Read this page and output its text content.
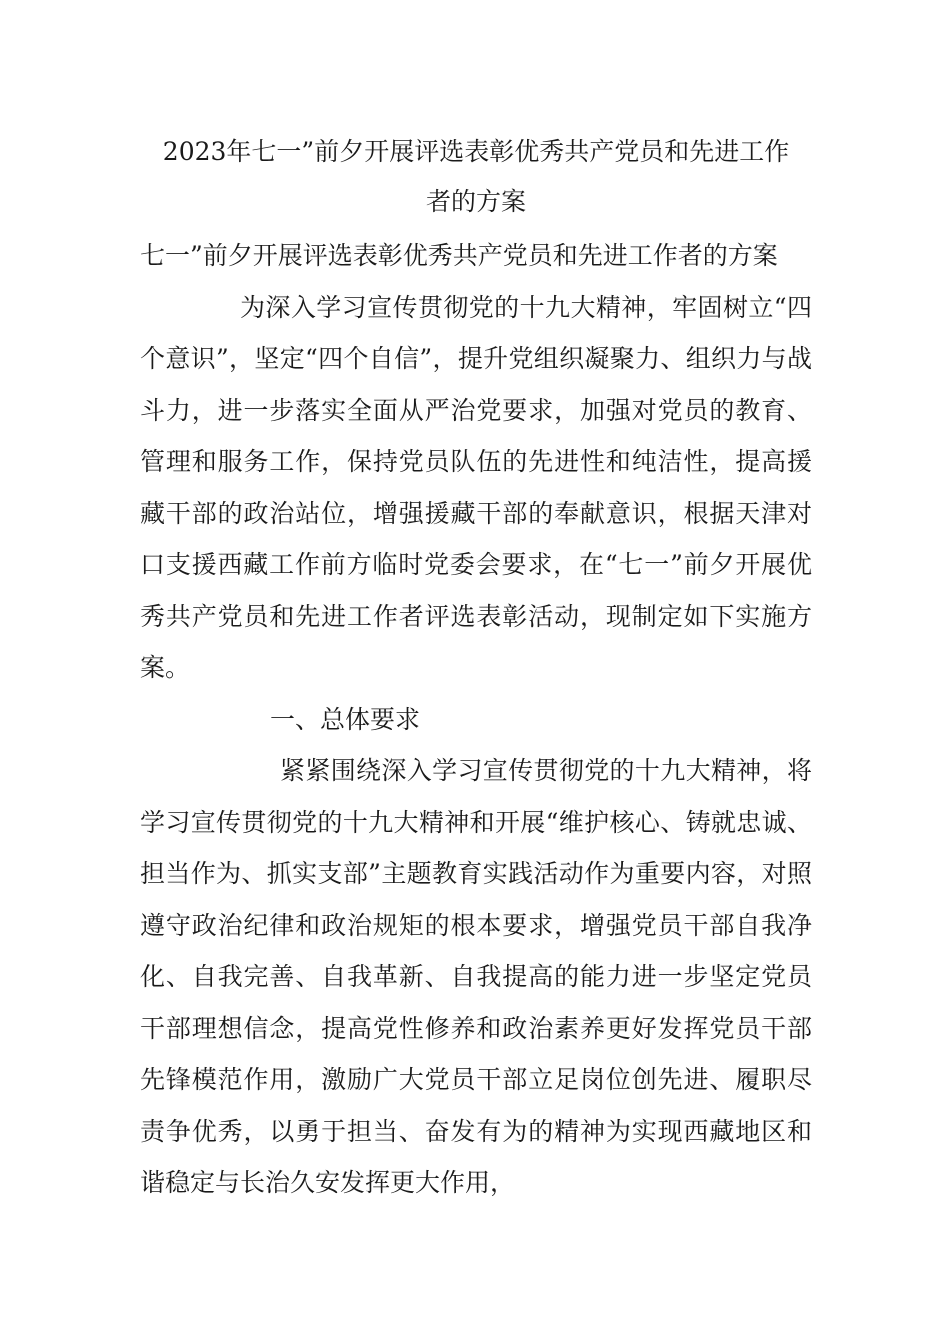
2023年七一”前夕开展评选表彰优秀共产党员和先进工作
者的方案

七一”前夕开展评选表彰优秀共产党员和先进工作者的方案

为深入学习宣传贯彻党的十九大精神，牢固树立“四个意识”，坚定“四个自信”，提升党组织凝聚力、组织力与战斗力，进一步落实全面从严治党要求，加强对党员的教育、管理和服务工作，保持党员队伍的先进性和纯洁性，提高援藏干部的政治站位，增强援藏干部的奉献意识，根据天津对口支援西藏工作前方临时党委会要求，在“七一”前夕开展优秀共产党员和先进工作者评选表彰活动，现制定如下实施方案。

一、总体要求

紧紧围绕深入学习宣传贯彻党的十九大精神，将学习宣传贯彻党的十九大精神和开展“维护核心、铸就忠诚、担当作为、抓实支部”主题教育实践活动作为重要内容，对照遵守政治纪律和政治规矩的根本要求，增强党员干部自我净化、自我完善、自我革新、自我提高的能力进一步坚定党员干部理想信念，提高党性修养和政治素养更好发挥党员干部先锋模范作用，激励广大党员干部立足岗位创先进、履职尽责争优秀，以勇于担当、奋发有为的精神为实现西藏地区和谐稳定与长治久安发挥更大作用，
